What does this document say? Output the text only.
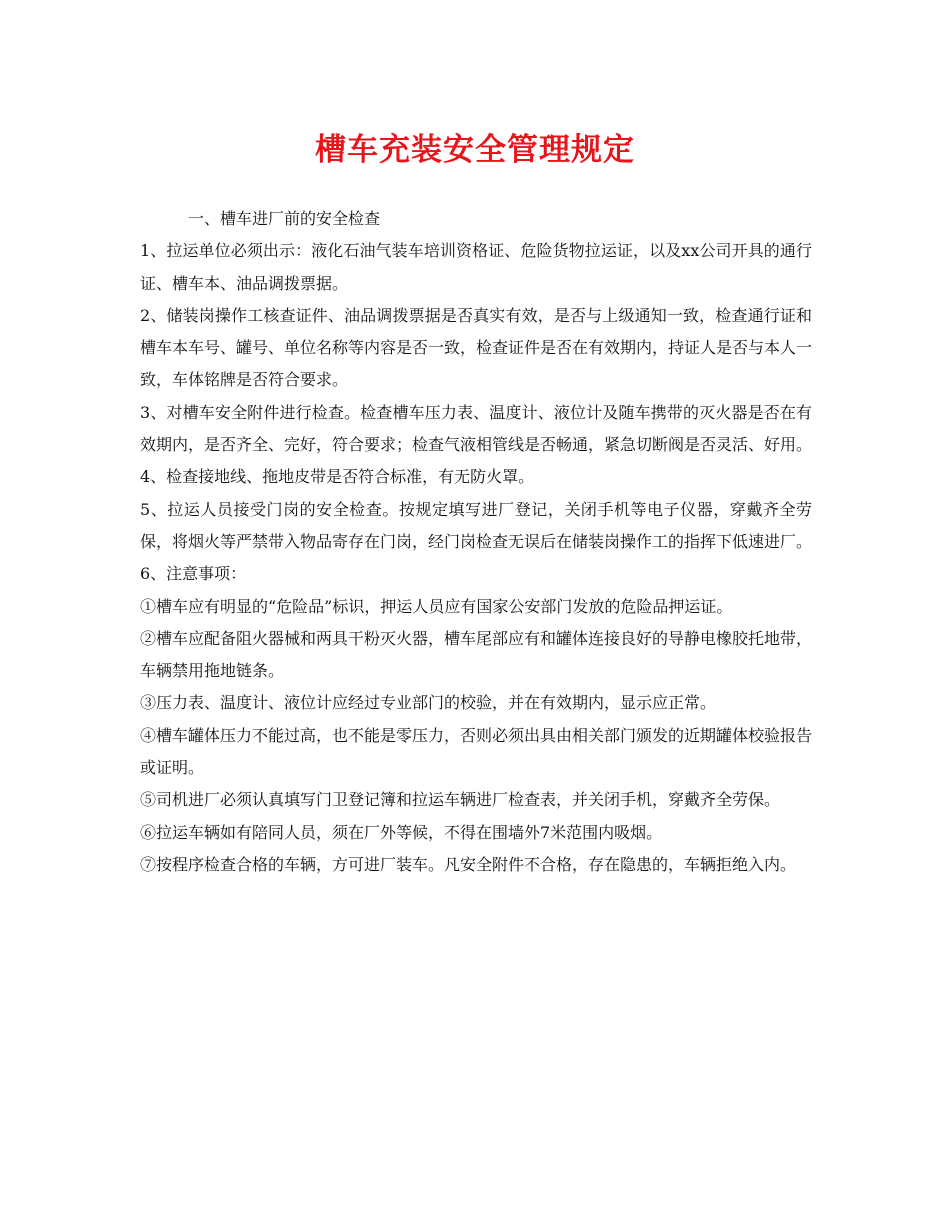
槽车充装安全管理规定

一、槽车进厂前的安全检查

1、拉运单位必须出示：液化石油气装车培训资格证、危险货物拉运证，以及xx公司开具的通行证、槽车本、油品调拨票据。

2、储装岗操作工核查证件、油品调拨票据是否真实有效，是否与上级通知一致，检查通行证和槽车本车号、罐号、单位名称等内容是否一致，检查证件是否在有效期内，持证人是否与本人一致，车体铭牌是否符合要求。

3、对槽车安全附件进行检查。检查槽车压力表、温度计、液位计及随车携带的灭火器是否在有效期内，是否齐全、完好，符合要求；检查气液相管线是否畅通，紧急切断阀是否灵活、好用。

4、检查接地线、拖地皮带是否符合标准，有无防火罩。

5、拉运人员接受门岗的安全检查。按规定填写进厂登记，关闭手机等电子仪器，穿戴齐全劳保，将烟火等严禁带入物品寄存在门岗，经门岗检查无误后在储装岗操作工的指挥下低速进厂。

6、注意事项：

①槽车应有明显的“危险品”标识，押运人员应有国家公安部门发放的危险品押运证。

②槽车应配备阻火器械和两具干粉灭火器，槽车尾部应有和罐体连接良好的导静电橡胶托地带，车辆禁用拖地链条。

③压力表、温度计、液位计应经过专业部门的校验，并在有效期内，显示应正常。

④槽车罐体压力不能过高，也不能是零压力，否则必须出具由相关部门颁发的近期罐体校验报告或证明。

⑤司机进厂必须认真填写门卫登记簿和拉运车辆进厂检查表，并关闭手机，穿戴齐全劳保。

⑥拉运车辆如有陪同人员，须在厂外等候，不得在围墙外7米范围内吸烟。

⑦按程序检查合格的车辆，方可进厂装车。凡安全附件不合格，存在隐患的，车辆拒绝入内。
